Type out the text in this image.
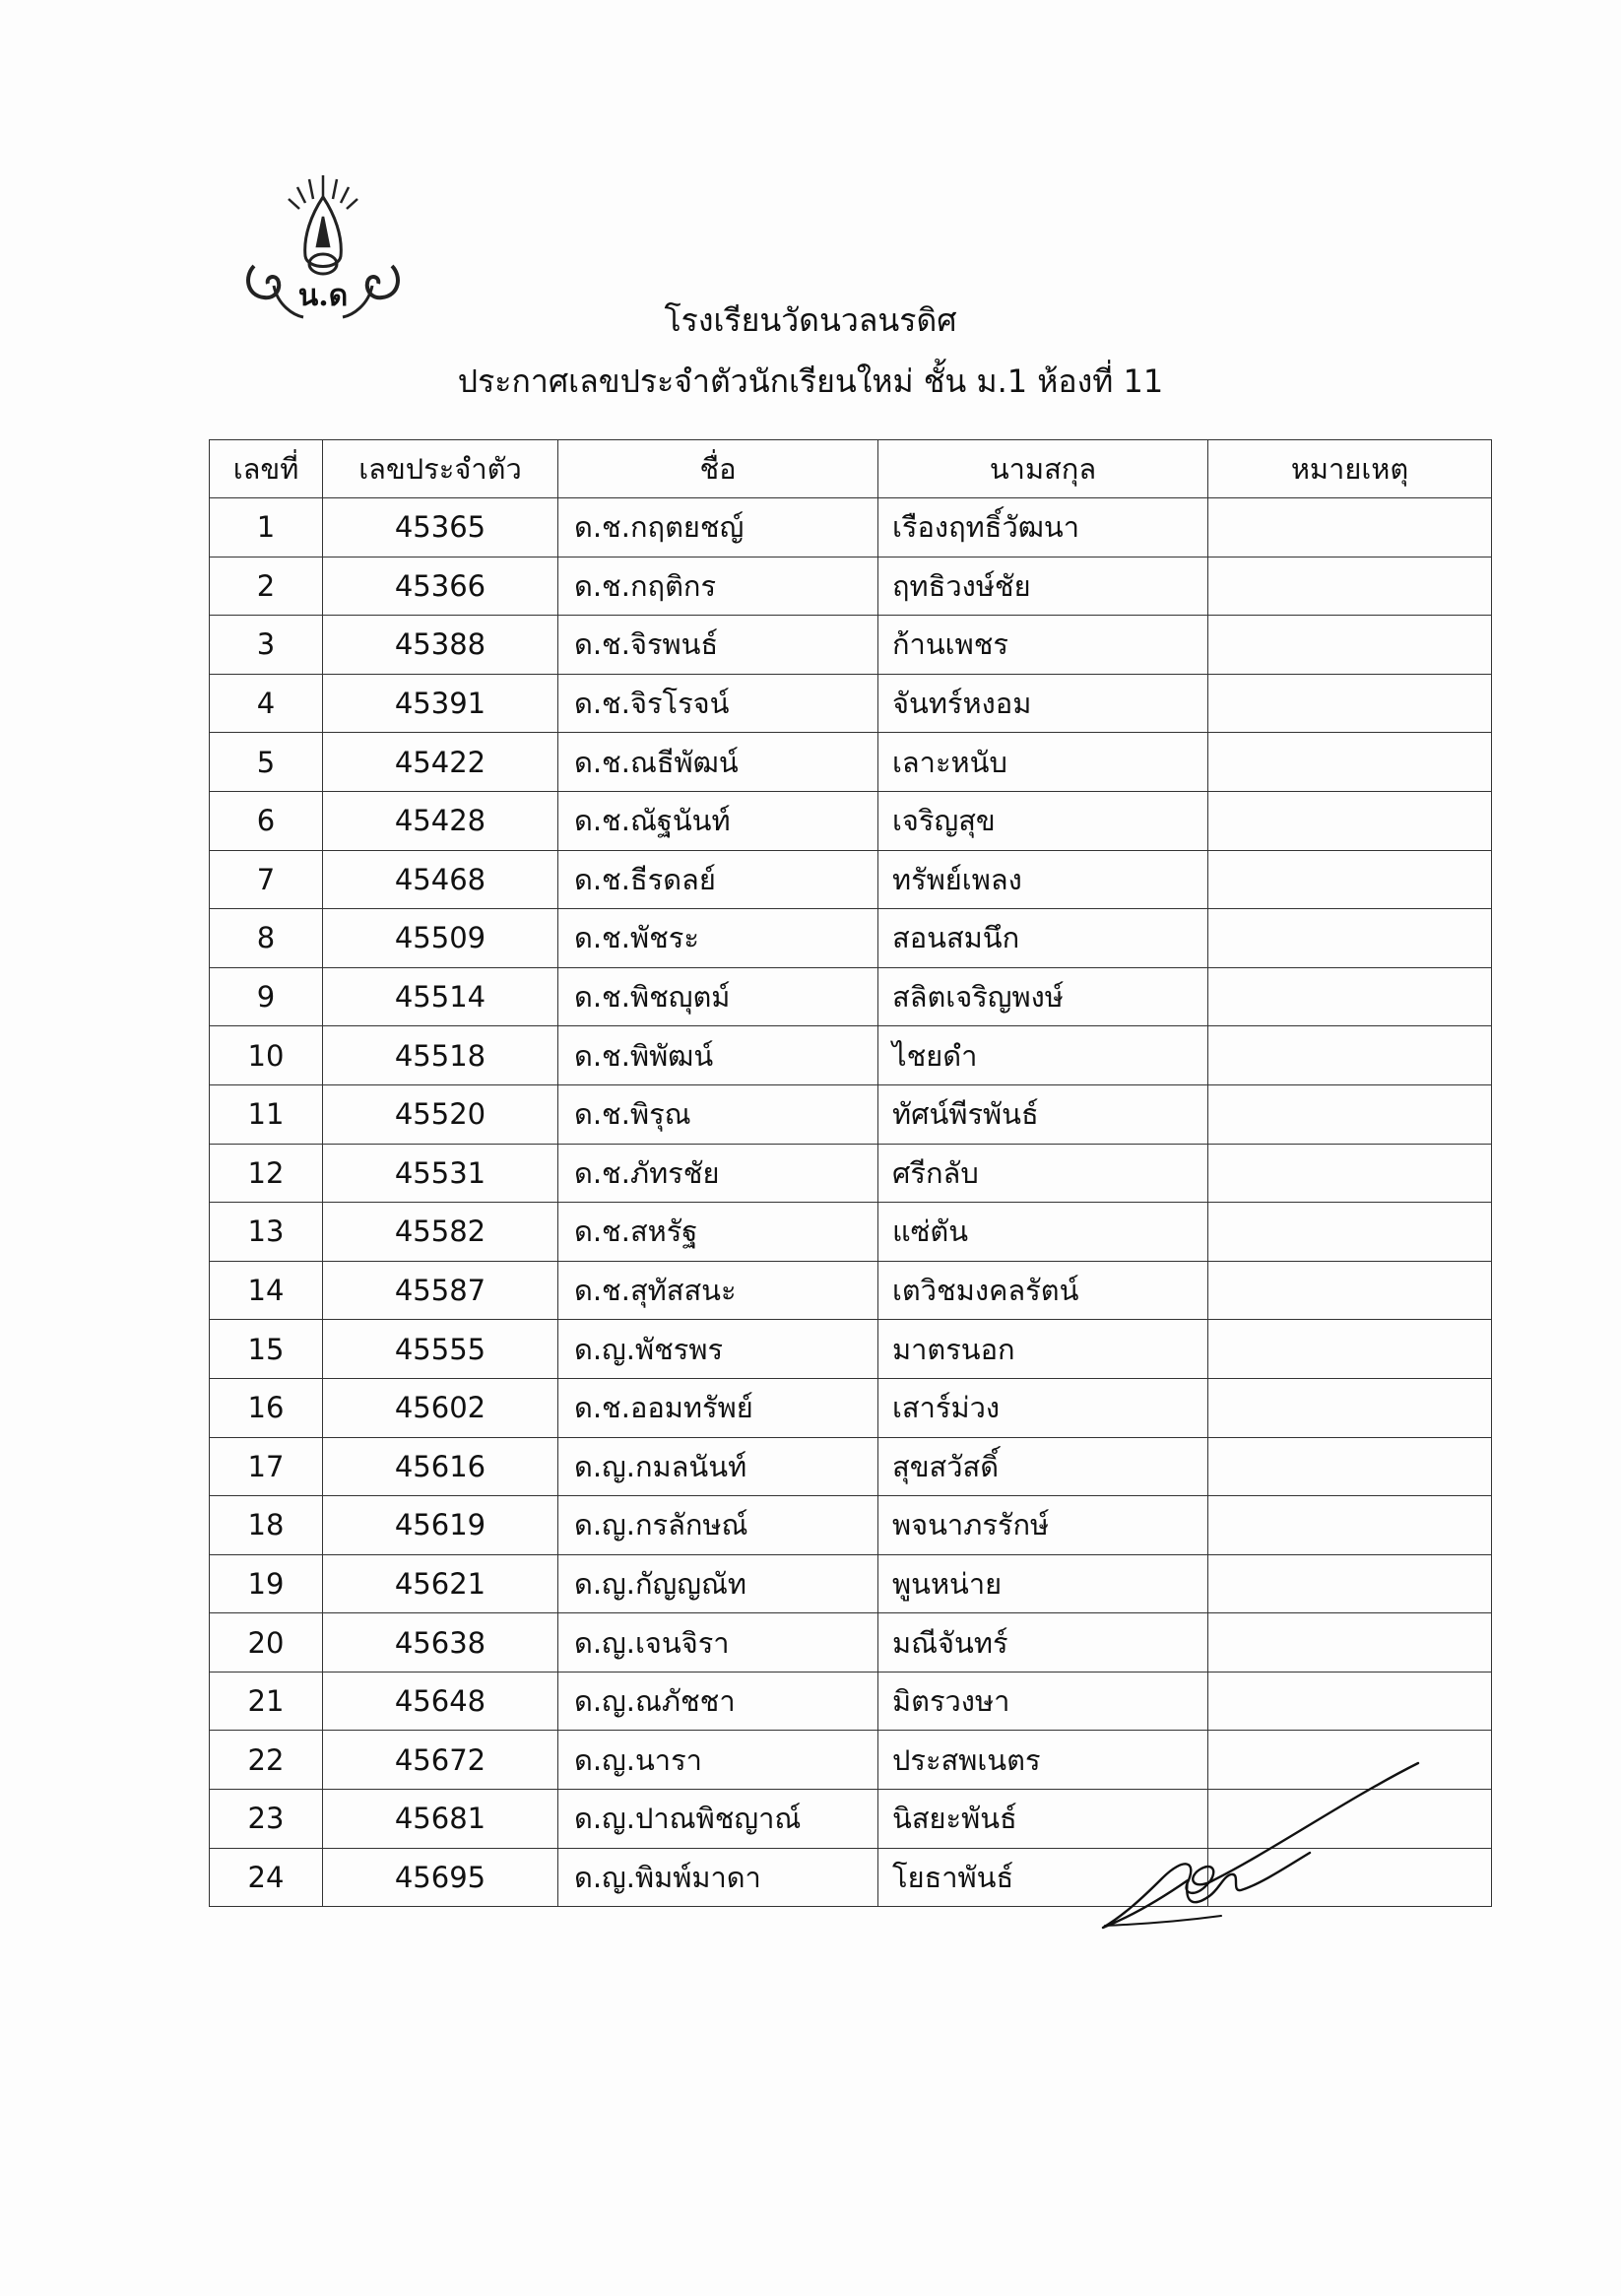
น.ด
โรงเรียนวัดนวลนรดิศ
ประกาศเลขประจำตัวนักเรียนใหม่ ชั้น ม.1 ห้องที่ 11
เลขที่	เลขประจำตัว	ชื่อ	นามสกุล	หมายเหตุ
1	45365	ด.ช.กฤตยชญ์	เรืองฤทธิ์วัฒนา	
2	45366	ด.ช.กฤติกร	ฤทธิวงษ์ชัย	
3	45388	ด.ช.จิรพนธ์	ก้านเพชร	
4	45391	ด.ช.จิรโรจน์	จันทร์หงอม	
5	45422	ด.ช.ณธีพัฒน์	เลาะหนับ	
6	45428	ด.ช.ณัฐนันท์	เจริญสุข	
7	45468	ด.ช.ธีรดลย์	ทรัพย์เพลง	
8	45509	ด.ช.พัชระ	สอนสมนึก	
9	45514	ด.ช.พิชญุตม์	สลิตเจริญพงษ์	
10	45518	ด.ช.พิพัฒน์	ไชยดำ	
11	45520	ด.ช.พิรุณ	ทัศน์พีรพันธ์	
12	45531	ด.ช.ภัทรชัย	ศรีกลับ	
13	45582	ด.ช.สหรัฐ	แซ่ตัน	
14	45587	ด.ช.สุทัสสนะ	เตวิชมงคลรัตน์	
15	45555	ด.ญ.พัชรพร	มาตรนอก	
16	45602	ด.ช.ออมทรัพย์	เสาร์ม่วง	
17	45616	ด.ญ.กมลนันท์	สุขสวัสดิ์	
18	45619	ด.ญ.กรลักษณ์	พจนาภรรักษ์	
19	45621	ด.ญ.กัญญณัท	พูนหน่าย	
20	45638	ด.ญ.เจนจิรา	มณีจันทร์	
21	45648	ด.ญ.ณภัชชา	มิตรวงษา	
22	45672	ด.ญ.นารา	ประสพเนตร	
23	45681	ด.ญ.ปาณพิชญาณ์	นิสยะพันธ์	
24	45695	ด.ญ.พิมพ์มาดา	โยธาพันธ์	
